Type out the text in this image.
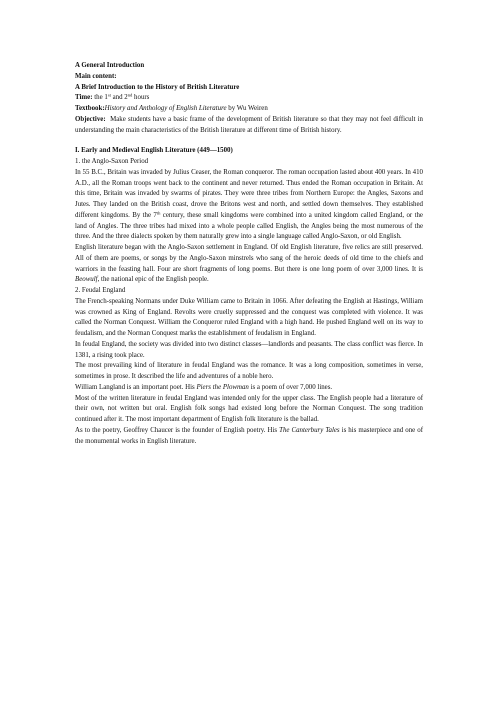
A General Introduction

Main content:

A Brief Introduction to the History of British Literature

Time: the 1st and 2nd hours

Textbook:History and Anthology of English Literature by Wu Weiren

Objective: Make students have a basic frame of the development of British literature so that they may not feel difficult in understanding the main characteristics of the British literature at different time of British history.

I. Early and Medieval English Literature (449—1500)

1. the Anglo-Saxon Period

In 55 B.C., Britain was invaded by Julius Ceaser, the Roman conqueror. The roman occupation lasted about 400 years. In 410 A.D., all the Roman troops went back to the continent and never returned. Thus ended the Roman occupation in Britain. At this time, Britain was invaded by swarms of pirates. They were three tribes from Northern Europe: the Angles, Saxons and Jutes. They landed on the British coast, drove the Britons west and north, and settled down themselves. They established different kingdoms. By the 7th century, these small kingdoms were combined into a united kingdom called England, or the land of Angles. The three tribes had mixed into a whole people called English, the Angles being the most numerous of the three. And the three dialects spoken by them naturally grew into a single language called Anglo-Saxon, or old English.

English literature began with the Anglo-Saxon settlement in England. Of old English literature, five relics are still preserved. All of them are poems, or songs by the Anglo-Saxon minstrels who sang of the heroic deeds of old time to the chiefs and warriors in the feasting hall. Four are short fragments of long poems. But there is one long poem of over 3,000 lines. It is Beowulf, the national epic of the English people.

2. Feudal England

The French-speaking Normans under Duke William came to Britain in 1066. After defeating the English at Hastings, William was crowned as King of England. Revolts were cruelly suppressed and the conquest was completed with violence. It was called the Norman Conquest. William the Conqueror ruled England with a high hand. He pushed England well on its way to feudalism, and the Norman Conquest marks the establishment of feudalism in England.

In feudal England, the society was divided into two distinct classes—landlords and peasants. The class conflict was fierce. In 1381, a rising took place.

The most prevailing kind of literature in feudal England was the romance. It was a long composition, sometimes in verse, sometimes in prose. It described the life and adventures of a noble hero.

William Langland is an important poet. His Piers the Plowman is a poem of over 7,000 lines.

Most of the written literature in feudal England was intended only for the upper class. The English people had a literature of their own, not written but oral. English folk songs had existed long before the Norman Conquest. The song tradition continued after it. The most important department of English folk literature is the ballad.

As to the poetry, Geoffrey Chaucer is the founder of English poetry. His The Canterbury Tales is his masterpiece and one of the monumental works in English literature.
